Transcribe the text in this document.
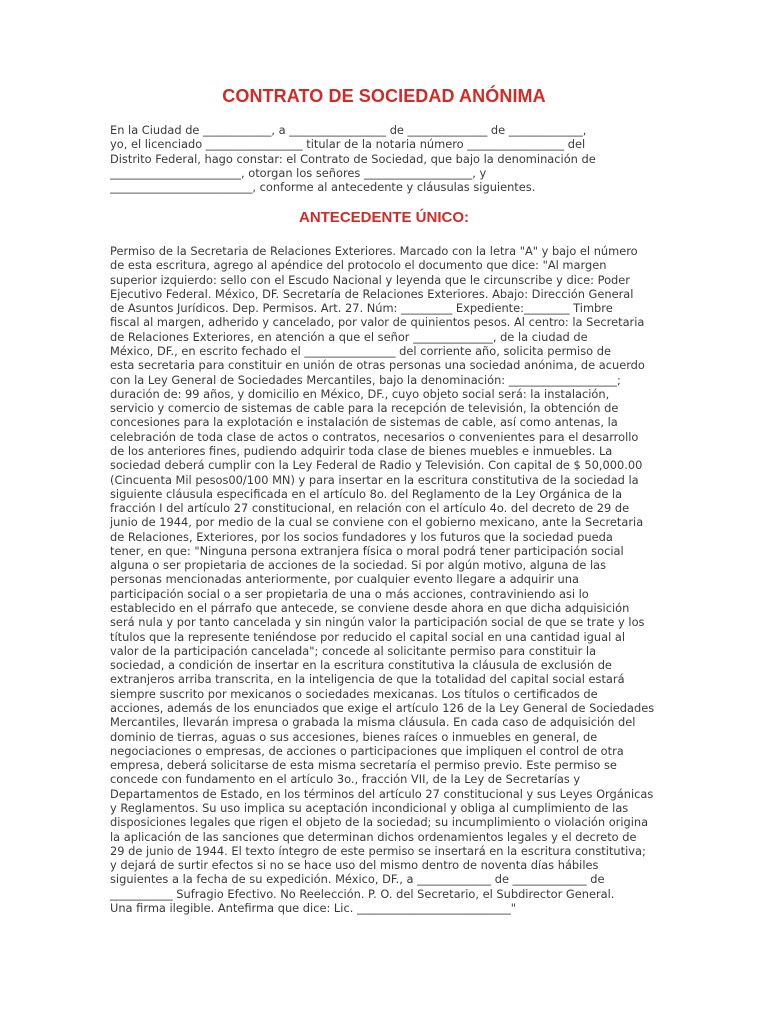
CONTRATO DE SOCIEDAD ANÓNIMA

En la Ciudad de ____________, a _________________ de ______________ de _____________,
yo, el licenciado _________________ titular de la notaria número _________________ del
Distrito Federal, hago constar: el Contrato de Sociedad, que bajo la denominación de
_______________________, otorgan los señores ___________________, y
_________________________, conforme al antecedente y cláusulas siguientes.

ANTECEDENTE ÚNICO:

Permiso de la Secretaria de Relaciones Exteriores. Marcado con la letra "A" y bajo el número
de esta escritura, agrego al apéndice del protocolo el documento que dice: "Al margen
superior izquierdo: sello con el Escudo Nacional y leyenda que le circunscribe y dice: Poder
Ejecutivo Federal. México, DF. Secretaría de Relaciones Exteriores. Abajo: Dirección General
de Asuntos Jurídicos. Dep. Permisos. Art. 27. Núm: _________ Expediente:________ Timbre
fiscal al margen, adherido y cancelado, por valor de quinientos pesos. Al centro: la Secretaria
de Relaciones Exteriores, en atención a que el señor ______________, de la ciudad de
México, DF., en escrito fechado el ________________ del corriente año, solicita permiso de
esta secretaria para constituir en unión de otras personas una sociedad anónima, de acuerdo
con la Ley General de Sociedades Mercantiles, bajo la denominación: ___________________;
duración de: 99 años, y domicilio en México, DF., cuyo objeto social será: la instalación,
servicio y comercio de sistemas de cable para la recepción de televisión, la obtención de
concesiones para la explotación e instalación de sistemas de cable, así como antenas, la
celebración de toda clase de actos o contratos, necesarios o convenientes para el desarrollo
de los anteriores fines, pudiendo adquirir toda clase de bienes muebles e inmuebles. La
sociedad deberá cumplir con la Ley Federal de Radio y Televisión. Con capital de $ 50,000.00
(Cincuenta Mil pesos00/100 MN) y para insertar en la escritura constitutiva de la sociedad la
siguiente cláusula especificada en el artículo 8o. del Reglamento de la Ley Orgánica de la
fracción I del artículo 27 constitucional, en relación con el artículo 4o. del decreto de 29 de
junio de 1944, por medio de la cual se conviene con el gobierno mexicano, ante la Secretaria
de Relaciones, Exteriores, por los socios fundadores y los futuros que la sociedad pueda
tener, en que: "Ninguna persona extranjera física o moral podrá tener participación social
alguna o ser propietaria de acciones de la sociedad. Si por algún motivo, alguna de las
personas mencionadas anteriormente, por cualquier evento llegare a adquirir una
participación social o a ser propietaria de una o más acciones, contraviniendo asi lo
establecido en el párrafo que antecede, se conviene desde ahora en que dicha adquisición
será nula y por tanto cancelada y sin ningún valor la participación social de que se trate y los
títulos que la represente teniéndose por reducido el capital social en una cantidad igual al
valor de la participación cancelada"; concede al solicitante permiso para constituir la
sociedad, a condición de insertar en la escritura constitutiva la cláusula de exclusión de
extranjeros arriba transcrita, en la inteligencia de que la totalidad del capital social estará
siempre suscrito por mexicanos o sociedades mexicanas. Los títulos o certificados de
acciones, además de los enunciados que exige el artículo 126 de la Ley General de Sociedades
Mercantiles, llevarán impresa o grabada la misma cláusula. En cada caso de adquisición del
dominio de tierras, aguas o sus accesiones, bienes raíces o inmuebles en general, de
negociaciones o empresas, de acciones o participaciones que impliquen el control de otra
empresa, deberá solicitarse de esta misma secretaría el permiso previo. Este permiso se
concede con fundamento en el artículo 3o., fracción VII, de la Ley de Secretarías y
Departamentos de Estado, en los términos del artículo 27 constitucional y sus Leyes Orgánicas
y Reglamentos. Su uso implica su aceptación incondicional y obliga al cumplimiento de las
disposiciones legales que rigen el objeto de la sociedad; su incumplimiento o violación origina
la aplicación de las sanciones que determinan dichos ordenamientos legales y el decreto de
29 de junio de 1944. El texto íntegro de este permiso se insertará en la escritura constitutiva;
y dejará de surtir efectos si no se hace uso del mismo dentro de noventa días hábiles
siguientes a la fecha de su expedición. México, DF., a _____________ de _____________ de
___________ Sufragio Efectivo. No Reelección. P. O. del Secretario, el Subdirector General.
Una firma ilegible. Antefirma que dice: Lic. ___________________________"
